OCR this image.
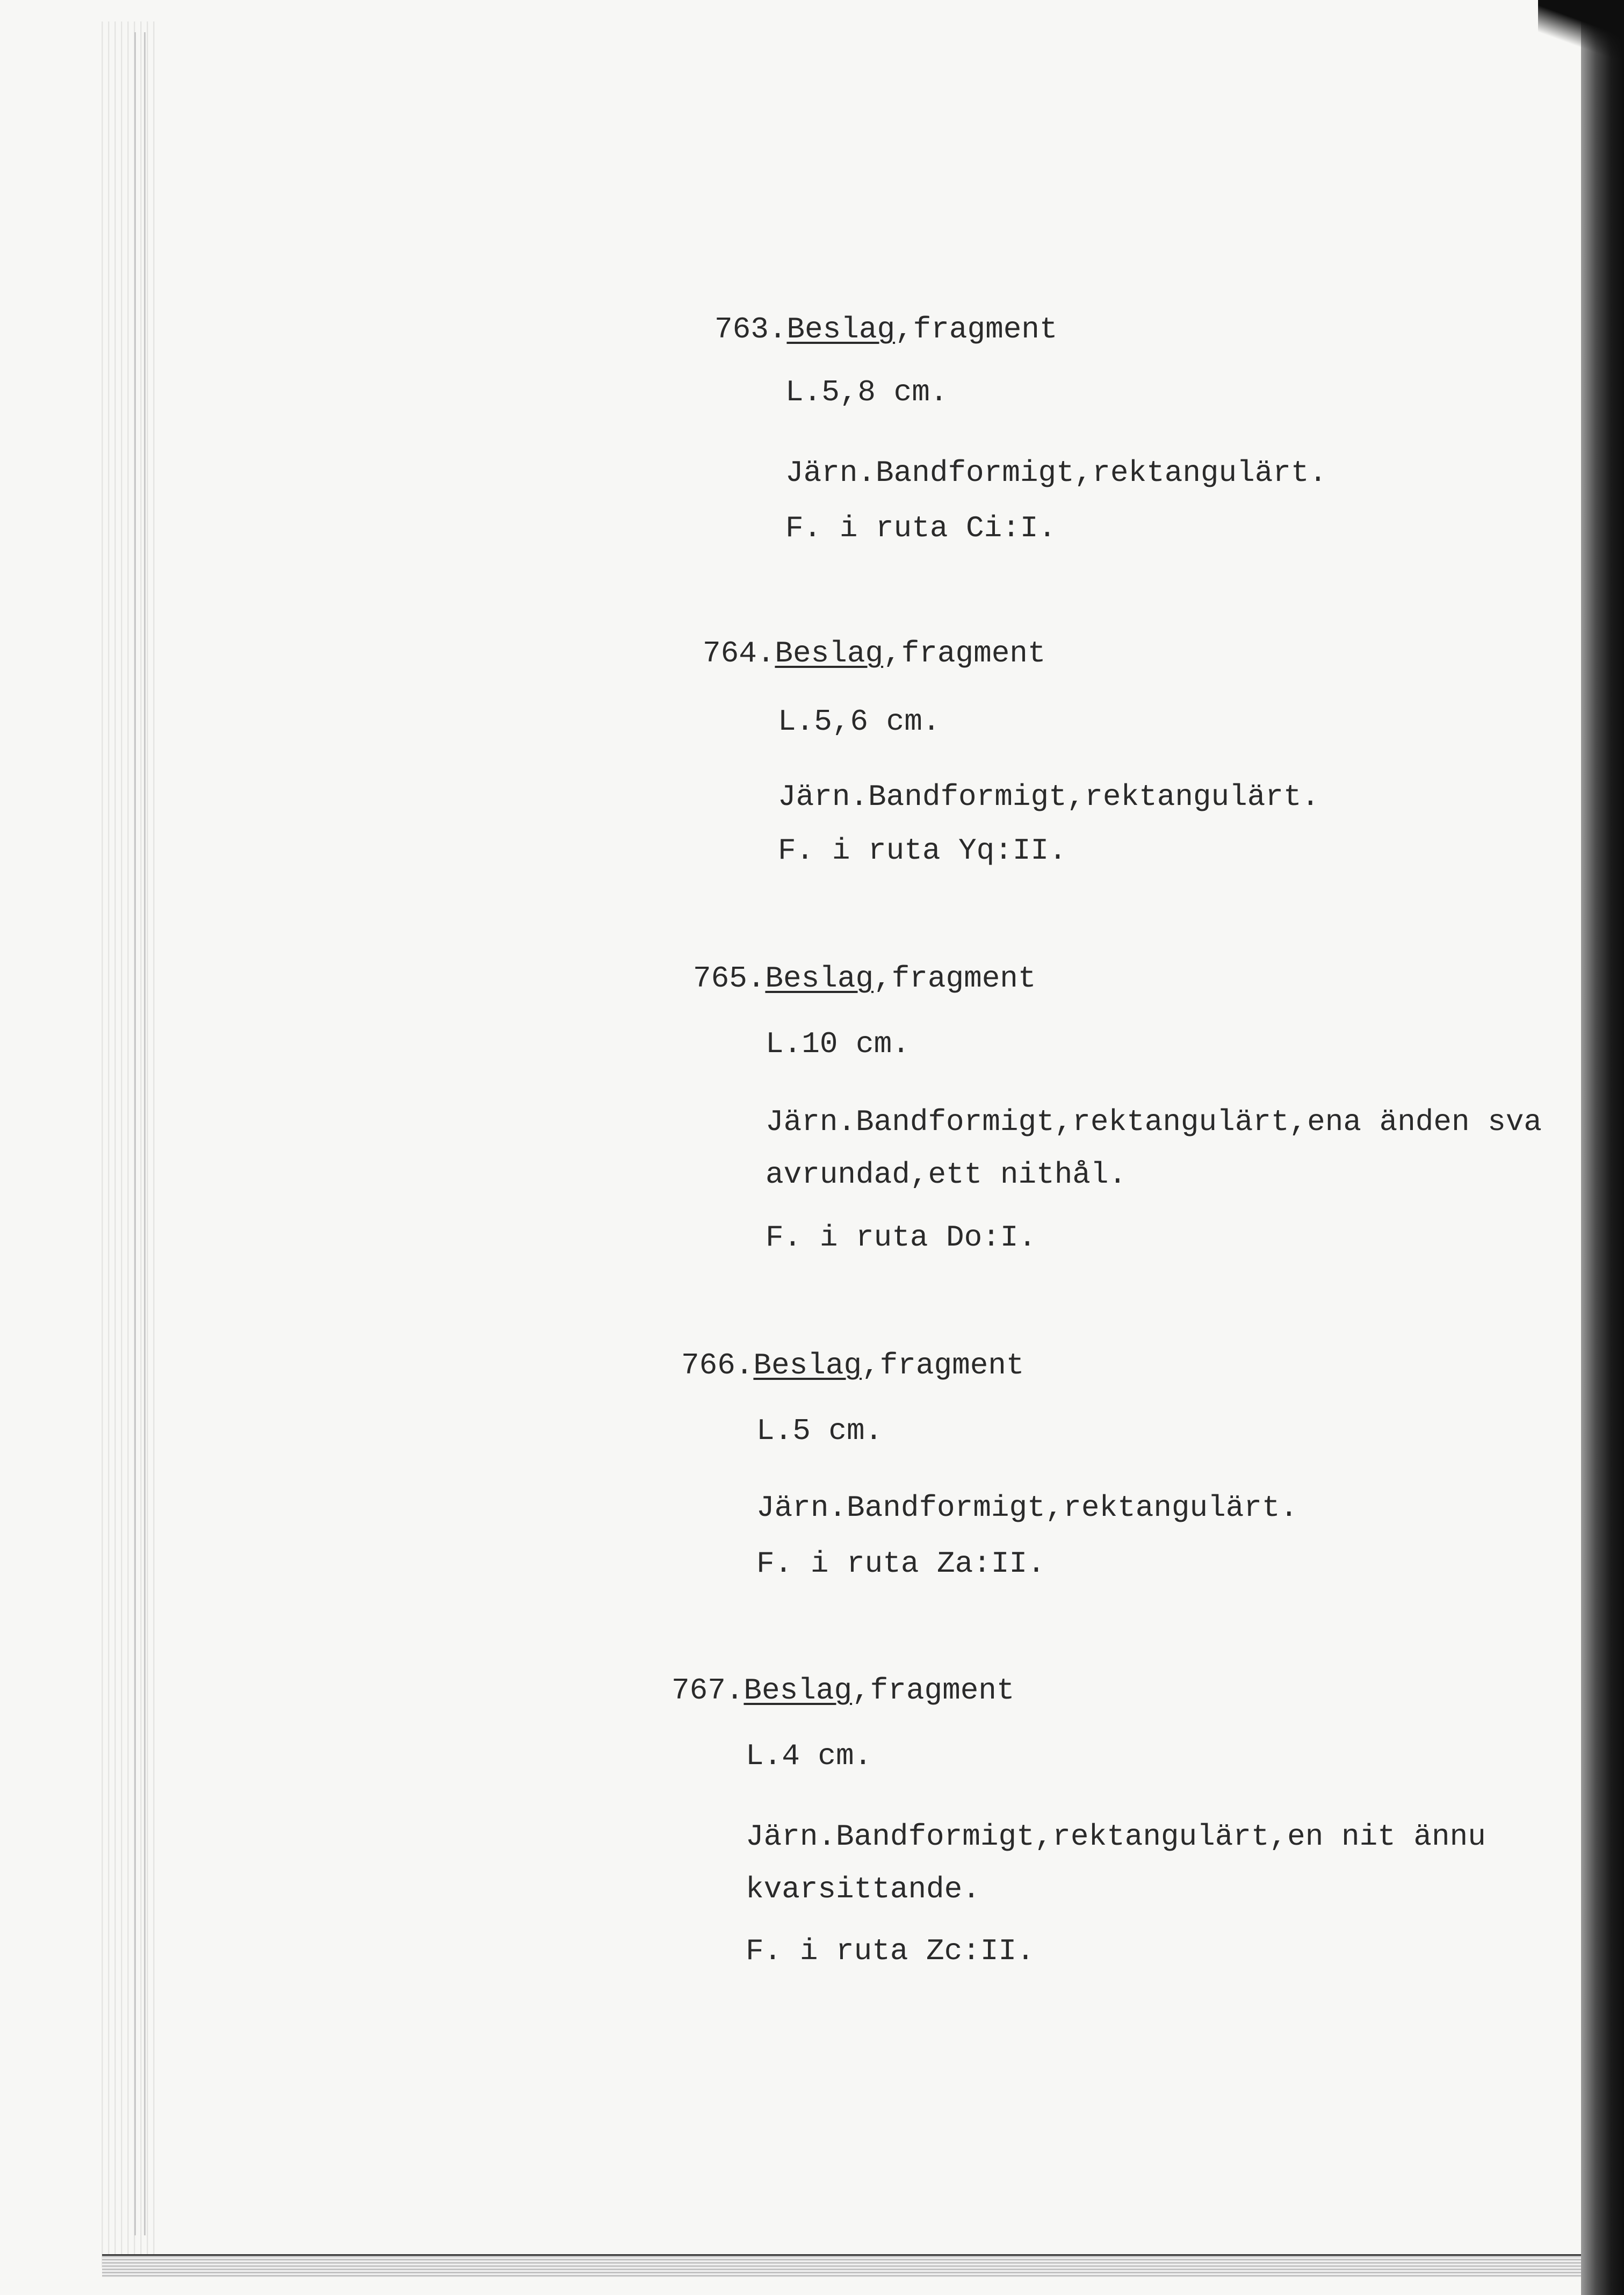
763.Beslag,fragment
L.5,8 cm.
Järn.Bandformigt,rektangulärt.
F. i ruta Ci:I.
764.Beslag,fragment
L.5,6 cm.
Järn.Bandformigt,rektangulärt.
F. i ruta Yq:II.
765.Beslag,fragment
L.10 cm.
Järn.Bandformigt,rektangulärt,ena änden sva
avrundad,ett nithål.
F. i ruta Do:I.
766.Beslag,fragment
L.5 cm.
Järn.Bandformigt,rektangulärt.
F. i ruta Za:II.
767.Beslag,fragment
L.4 cm.
Järn.Bandformigt,rektangulärt,en nit ännu
kvarsittande.
F. i ruta Zc:II.
